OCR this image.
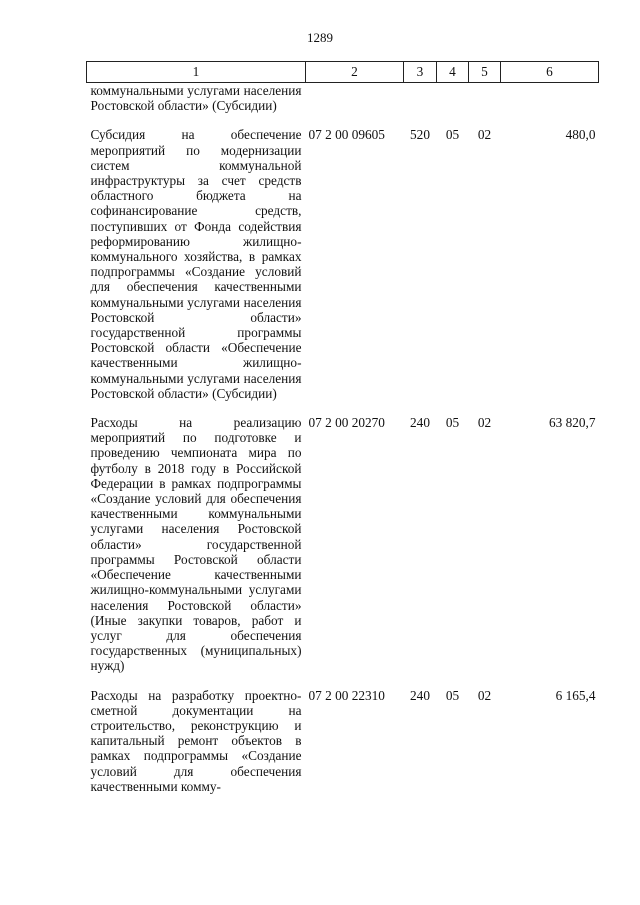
1289
1	2	3	4	5	6
коммунальными услугами населения Ростовской области» (Субсидии)					
Субсидия на обеспечение мероприятий по модернизации систем коммунальной инфраструктуры за счет средств областного бюджета на софинансирование средств, поступивших от Фонда содействия реформированию жилищно-коммунального хозяйства, в рамках подпрограммы «Создание условий для обеспечения качественными коммунальными услугами населения Ростовской области» государственной программы Ростовской области «Обеспечение качественными жилищно-коммунальными услугами населения Ростовской области» (Субсидии)	07 2 00 09605	520	05	02	480,0
Расходы на реализацию мероприятий по подготовке и проведению чемпионата мира по футболу в 2018 году в Российской Федерации в рамках подпрограммы «Создание условий для обеспечения качественными коммунальными услугами населения Ростовской области» государственной программы Ростовской области «Обеспечение качественными жилищно-коммунальными услугами населения Ростовской области» (Иные закупки товаров, работ и услуг для обеспечения государственных (муниципальных) нужд)	07 2 00 20270	240	05	02	63 820,7
Расходы на разработку проектно-сметной документации на строительство, реконструкцию и капитальный ремонт объектов в рамках подпрограммы «Создание условий для обеспечения качественными комму-	07 2 00 22310	240	05	02	6 165,4
